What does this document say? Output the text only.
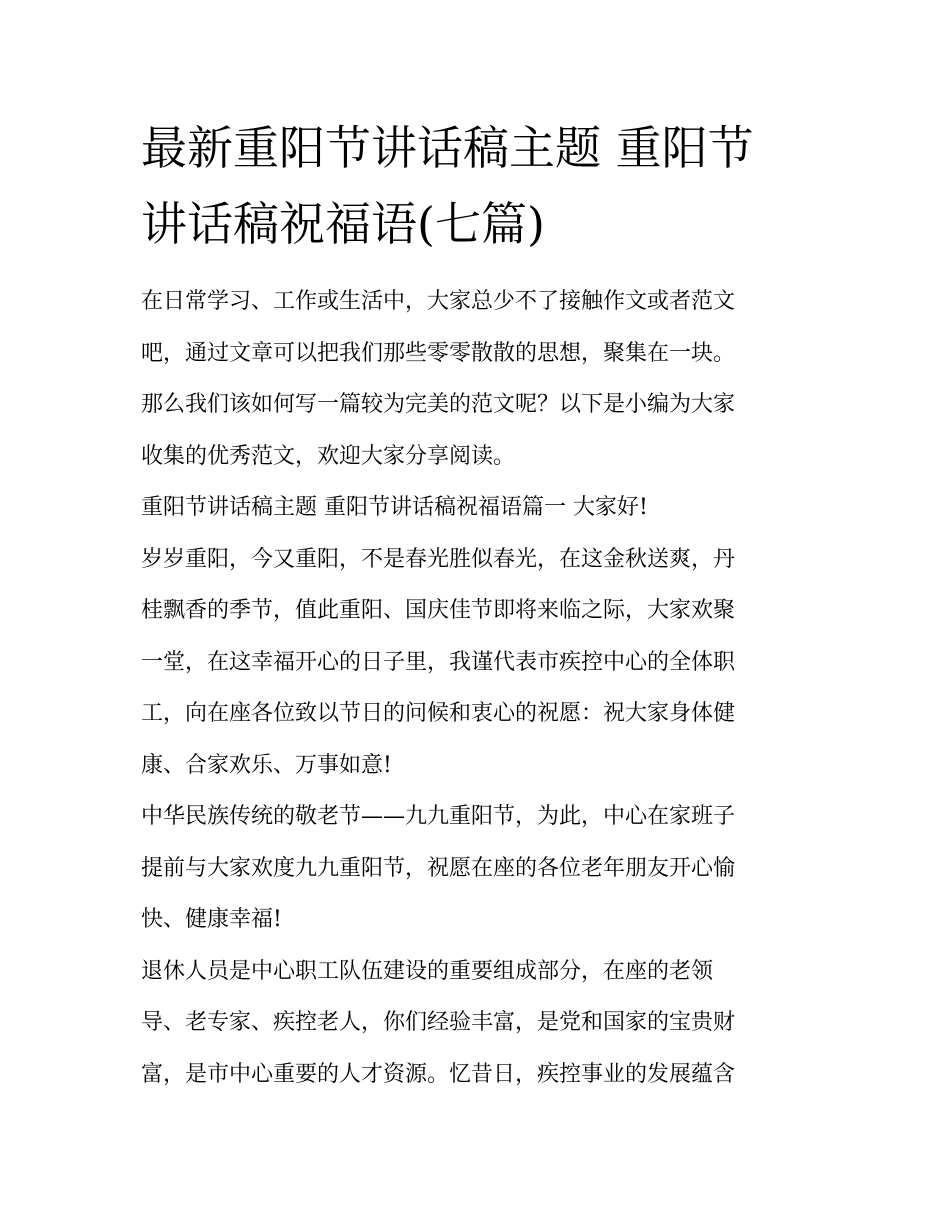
最新重阳节讲话稿主题 重阳节
讲话稿祝福语(七篇)

在日常学习、工作或生活中，大家总少不了接触作文或者范文
吧，通过文章可以把我们那些零零散散的思想，聚集在一块。
那么我们该如何写一篇较为完美的范文呢？以下是小编为大家
收集的优秀范文，欢迎大家分享阅读。

重阳节讲话稿主题 重阳节讲话稿祝福语篇一 大家好!

岁岁重阳，今又重阳，不是春光胜似春光，在这金秋送爽，丹
桂飘香的季节，值此重阳、国庆佳节即将来临之际，大家欢聚
一堂，在这幸福开心的日子里，我谨代表市疾控中心的全体职
工，向在座各位致以节日的问候和衷心的祝愿：祝大家身体健
康、合家欢乐、万事如意!

中华民族传统的敬老节——九九重阳节，为此，中心在家班子
提前与大家欢度九九重阳节，祝愿在座的各位老年朋友开心愉
快、健康幸福!

退休人员是中心职工队伍建设的重要组成部分，在座的老领
导、老专家、疾控老人，你们经验丰富，是党和国家的宝贵财
富，是市中心重要的人才资源。忆昔日，疾控事业的发展蕴含
